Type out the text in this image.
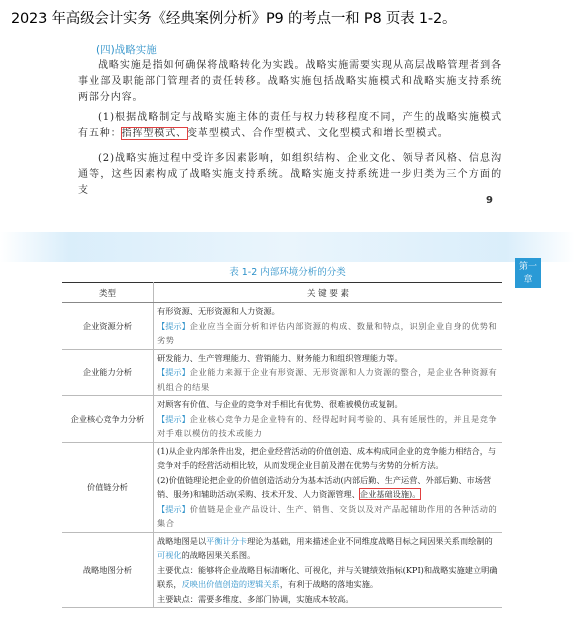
2023 年高级会计实务《经典案例分析》P9 的考点一和 P8 页表 1-2。
(四)战略实施
战略实施是指如何确保将战略转化为实践。战略实施需要实现从高层战略管理者到各事业部及职能部门管理者的责任转移。战略实施包括战略实施模式和战略实施支持系统两部分内容。
(1)根据战略制定与战略实施主体的责任与权力转移程度不同，产生的战略实施模式有五种：指挥型模式、变革型模式、合作型模式、文化型模式和增长型模式。
(2)战略实施过程中受许多因素影响，如组织结构、企业文化、领导者风格、信息沟通等，这些因素构成了战略实施支持系统。战略实施支持系统进一步归类为三个方面的支
9
第一
章
表 1-2 内部环境分析的分类
类型	关 键 要 素
企业资源分析	有形资源、无形资源和人力资源。
【提示】企业应当全面分析和评估内部资源的构成、数量和特点，识别企业自身的优势和劣势

企业能力分析	研发能力、生产管理能力、营销能力、财务能力和组织管理能力等。
【提示】企业能力来源于企业有形资源、无形资源和人力资源的整合，是企业各种资源有机组合的结果

企业核心竞争力分析	对顾客有价值、与企业的竞争对手相比有优势、很难被模仿或复制。
【提示】企业核心竞争力是企业特有的、经得起时间考验的、具有延展性的，并且是竞争对手难以模仿的技术或能力

价值链分析	(1)从企业内部条件出发，把企业经营活动的价值创造、成本构成同企业的竞争能力相结合，与竞争对手的经营活动相比较，从而发现企业目前及潜在优势与劣势的分析方法。
(2)价值链理论把企业的价值创造活动分为基本活动(内部后勤、生产运营、外部后勤、市场营销、服务)和辅助活动(采购、技术开发、人力资源管理、企业基础设施)。
【提示】价值链是企业产品设计、生产、销售、交货以及对产品起辅助作用的各种活动的集合

战略地图分析	战略地图是以平衡计分卡理论为基础，用来描述企业不同维度战略目标之间因果关系而绘制的可视化的战略因果关系图。
主要优点：能够将企业战略目标清晰化、可视化，并与关键绩效指标(KPI)和战略实施建立明确联系，反映出价值创造的逻辑关系，有利于战略的落地实施。
主要缺点：需要多维度、多部门协调，实施成本较高。
